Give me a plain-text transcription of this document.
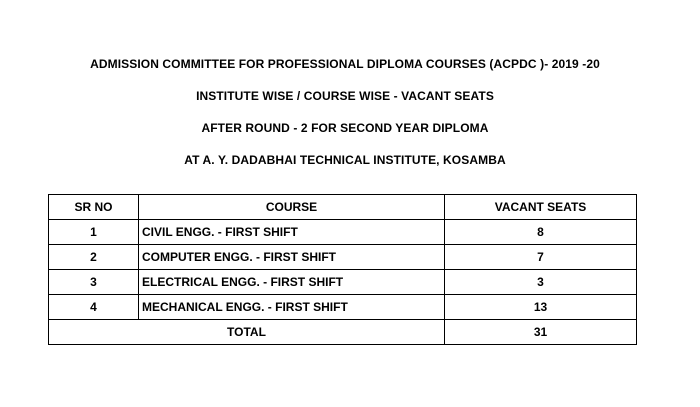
ADMISSION COMMITTEE FOR PROFESSIONAL DIPLOMA COURSES (ACPDC )- 2019 -20
INSTITUTE WISE / COURSE WISE - VACANT SEATS
AFTER ROUND - 2 FOR SECOND YEAR DIPLOMA
AT A. Y. DADABHAI TECHNICAL INSTITUTE, KOSAMBA
SR NO	COURSE	VACANT SEATS
1	CIVIL ENGG. - FIRST SHIFT	8
2	COMPUTER ENGG. - FIRST SHIFT	7
3	ELECTRICAL ENGG. - FIRST SHIFT	3
4	MECHANICAL ENGG. - FIRST SHIFT	13
TOTAL		31
